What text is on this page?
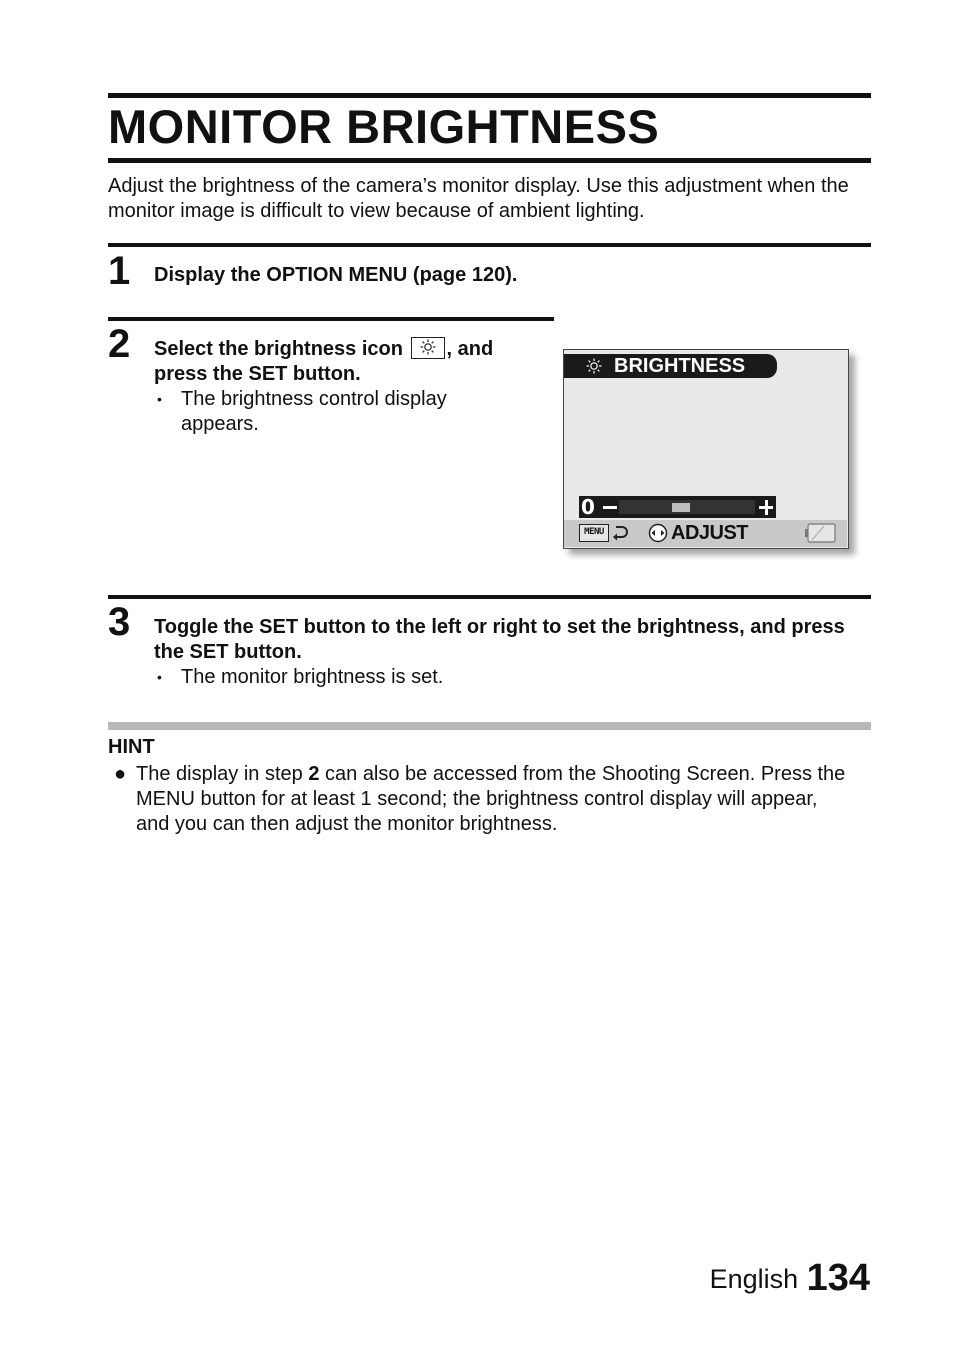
MONITOR BRIGHTNESS

Adjust the brightness of the camera’s monitor display. Use this adjustment when the monitor image is difficult to view because of ambient lighting.

1 Display the OPTION MENU (page 120).

2 Select the brightness icon , and
press the SET button.

• The brightness control display appears.

BRIGHTNESS
0
MENU	ADJUST
3 Toggle the SET button to the left or right to set the brightness, and press the SET button.

• The monitor brightness is set.

HINT

● The display in step 2 can also be accessed from the Shooting Screen. Press the MENU button for at least 1 second; the brightness control display will appear, and you can then adjust the monitor brightness.

English 134
